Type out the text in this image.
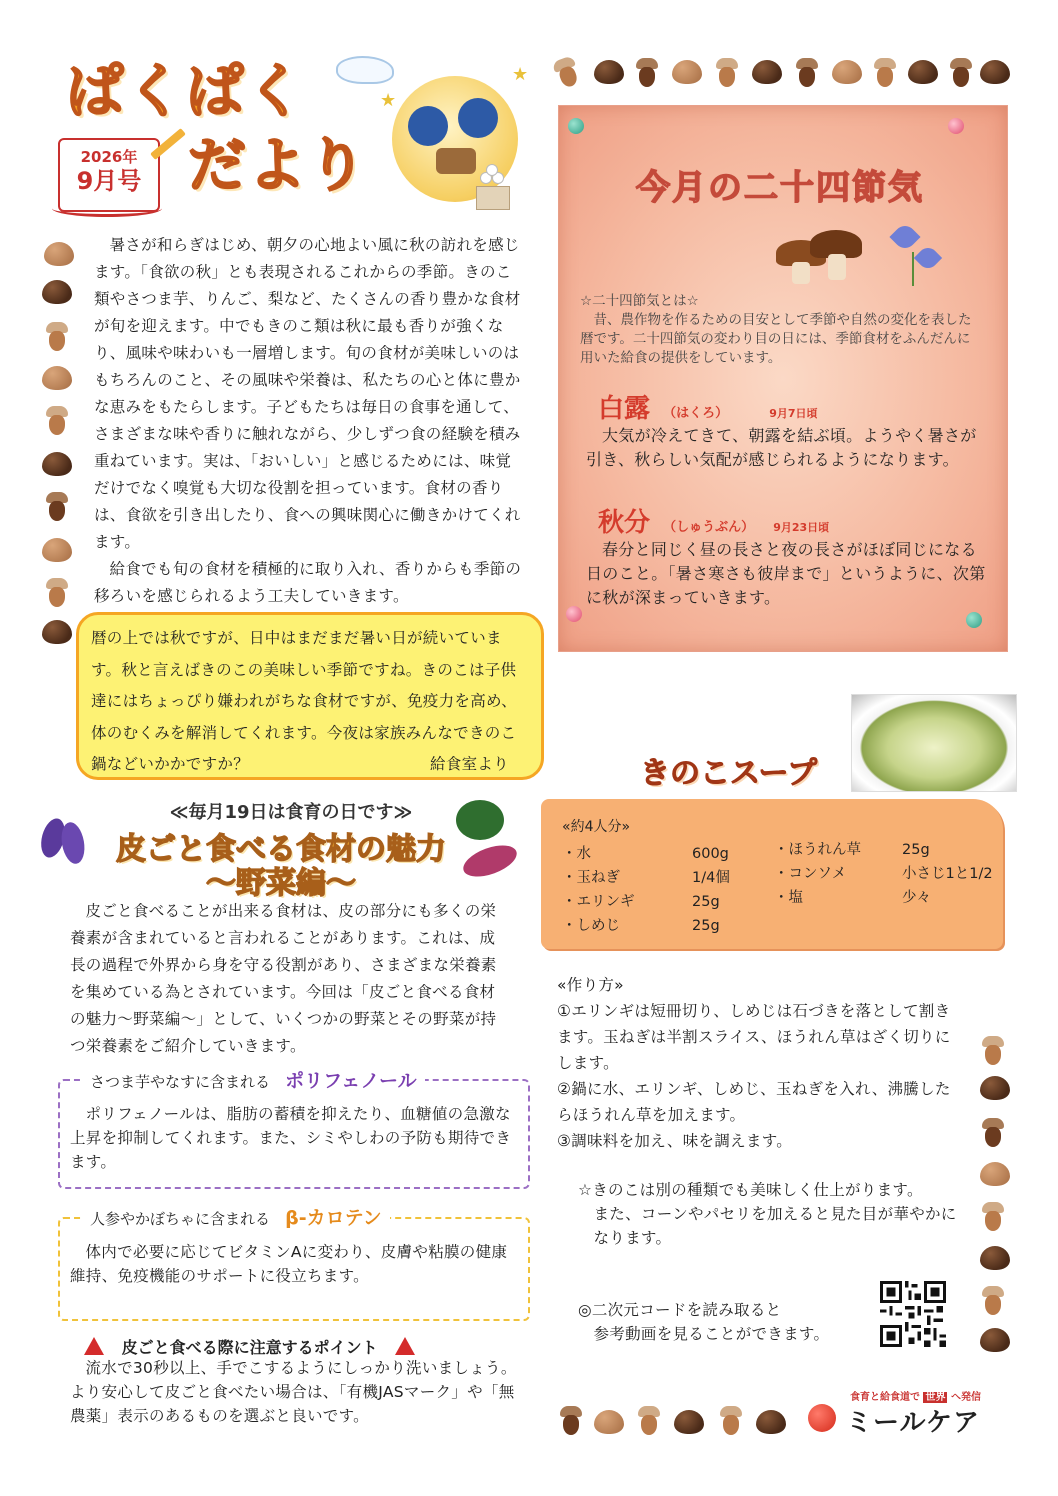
ぱくぱく
だより
2026年
9月号
★
★

暑さが和らぎはじめ、朝夕の心地よい風に秋の訪れを感じます。「食欲の秋」とも表現されるこれからの季節。きのこ類やさつま芋、りんご、梨など、たくさんの香り豊かな食材が旬を迎えます。中でもきのこ類は秋に最も香りが強くなり、風味や味わいも一層増します。旬の食材が美味しいのはもちろんのこと、その風味や栄養は、私たちの心と体に豊かな恵みをもたらします。子どもたちは毎日の食事を通して、さまざまな味や香りに触れながら、少しずつ食の経験を積み重ねています。実は、「おいしい」と感じるためには、味覚だけでなく嗅覚も大切な役割を担っています。食材の香りは、食欲を引き出したり、食への興味関心に働きかけてくれます。

給食でも旬の食材を積極的に取り入れ、香りからも季節の移ろいを感じられるよう工夫していきます。

暦の上では秋ですが、日中はまだまだ暑い日が続いています。秋と言えばきのこの美味しい季節ですね。きのこは子供達にはちょっぴり嫌われがちな食材ですが、免疫力を高め、体のむくみを解消してくれます。今夜は家族みんなできのこ鍋などいかかですか？	給食室より
今月の二十四節気
☆二十四節気とは☆
昔、農作物を作るための目安として季節や自然の変化を表した暦です。二十四節気の変わり目の日には、季節食材をふんだんに用いた給食の提供をしています。
白露 （はくろ）	9月7日頃
大気が冷えてきて、朝露を結ぶ頃。ようやく暑さが引き、秋らしい気配が感じられるようになります。
秋分 （しゅうぶん） 9月23日頃
春分と同じく昼の長さと夜の長さがほぼ同じになる日のこと。「暑さ寒さも彼岸まで」というように、次第に秋が深まっていきます。
≪毎月19日は食育の日です≫
皮ごと食べる食材の魅力
～野菜編～
皮ごと食べることが出来る食材は、皮の部分にも多くの栄養素が含まれていると言われることがあります。これは、成長の過程で外界から身を守る役割があり、さまざまな栄養素を集めている為とされています。今回は「皮ごと食べる食材の魅力～野菜編～」として、いくつかの野菜とその野菜が持つ栄養素をご紹介していきます。
さつま芋やなすに含まれる ポリフェノール
ポリフェノールは、脂肪の蓄積を抑えたり、血糖値の急激な上昇を抑制してくれます。また、シミやしわの予防も期待できます。
人参やかぼちゃに含まれる β-カロテン
体内で必要に応じてビタミンAに変わり、皮膚や粘膜の健康維持、免疫機能のサポートに役立ちます。
皮ごと食べる際に注意するポイント
流水で30秒以上、手でこするようにしっかり洗いましょう。より安心して皮ごと食べたい場合は、「有機JASマーク」や「無農薬」表示のあるものを選ぶと良いです。
きのこスープ
«約4人分»
・水	600g
・玉ねぎ	1/4個
・エリンギ	25g
・しめじ	25g
・ほうれん草	25g
・コンソメ	小さじ1と1/2
・塩	少々
«作り方»
①エリンギは短冊切り、しめじは石づきを落として割きます。玉ねぎは半割スライス、ほうれん草はざく切りにします。
②鍋に水、エリンギ、しめじ、玉ねぎを入れ、沸騰したらほうれん草を加えます。
③調味料を加え、味を調えます。
☆きのこは別の種類でも美味しく仕上がります。
また、コーンやパセリを加えると見た目が華やかになります。
◎二次元コードを読み取ると
参考動画を見ることができます。
食育と給食道で 世界 へ発信
ミールケア
